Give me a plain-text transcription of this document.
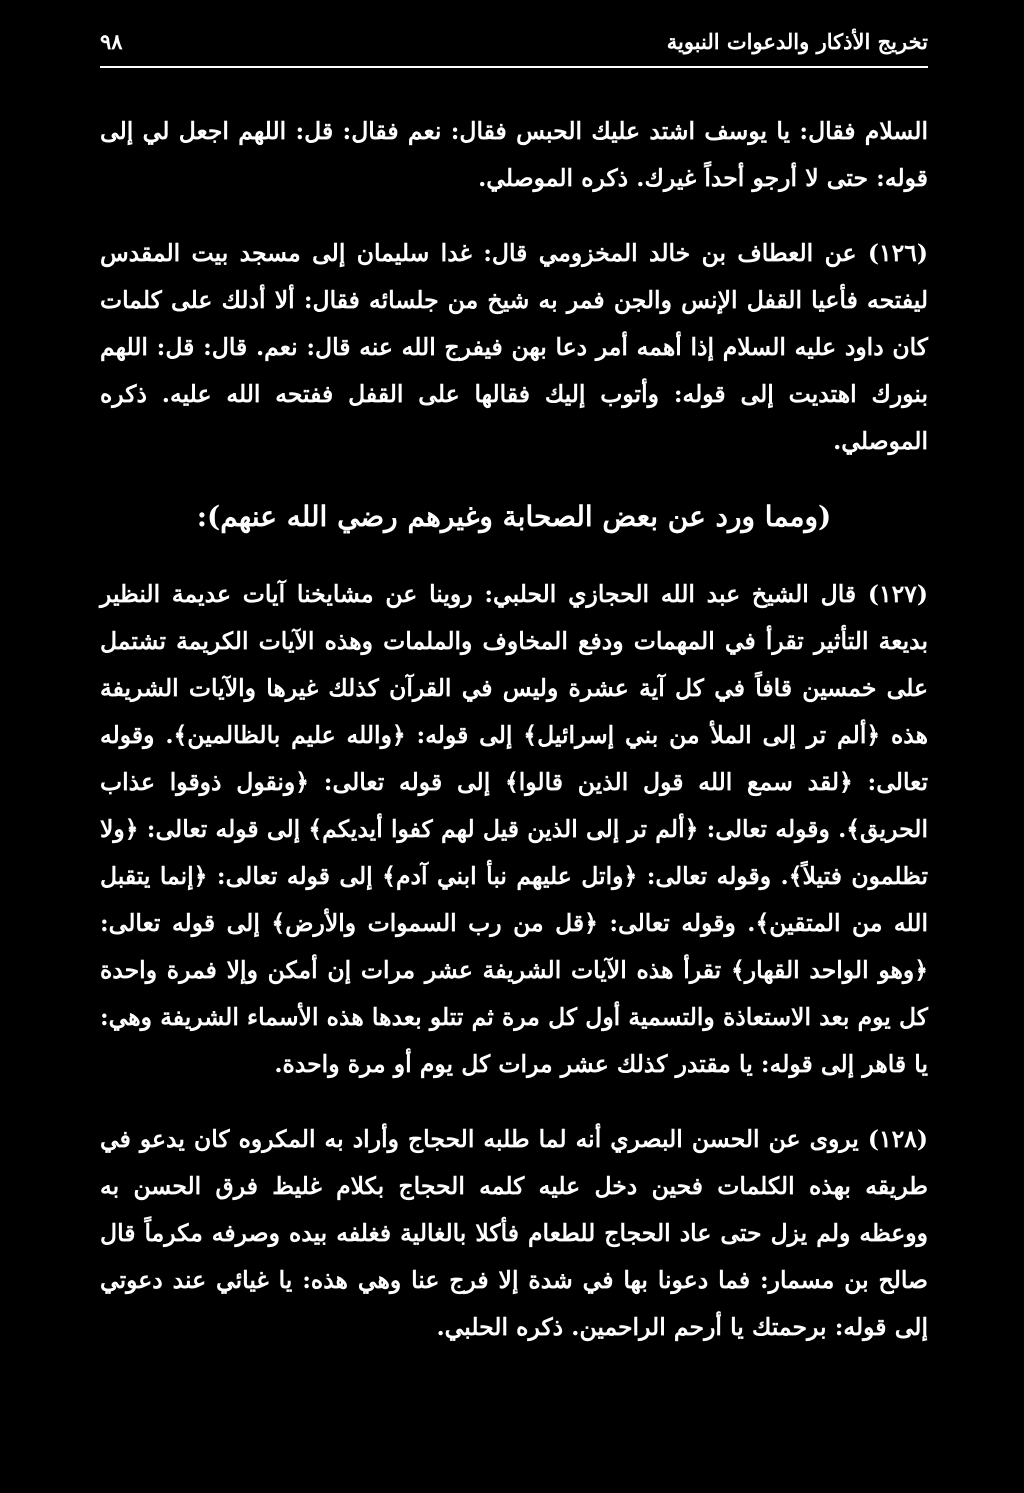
تخريج الأذكار والدعوات النبوية
٩٨

السلام فقال: يا يوسف اشتد عليك الحبس فقال: نعم فقال: قل: اللهم اجعل لي إلى قوله: حتى لا أرجو أحداً غيرك. ذكره الموصلي.

(١٢٦) عن العطاف بن خالد المخزومي قال: غدا سليمان إلى مسجد بيت المقدس ليفتحه فأعيا القفل الإنس والجن فمر به شيخ من جلسائه فقال: ألا أدلك على كلمات كان داود عليه السلام إذا أهمه أمر دعا بهن فيفرج الله عنه قال: نعم. قال: قل: اللهم بنورك اهتديت إلى قوله: وأتوب إليك فقالها على القفل ففتحه الله عليه. ذكره الموصلي.

(ومما ورد عن بعض الصحابة وغيرهم رضي الله عنهم):

(١٢٧) قال الشيخ عبد الله الحجازي الحلبي: روينا عن مشايخنا آيات عديمة النظير بديعة التأثير تقرأ في المهمات ودفع المخاوف والملمات وهذه الآيات الكريمة تشتمل على خمسين قافاً في كل آية عشرة وليس في القرآن كذلك غيرها والآيات الشريفة هذه ﴿ألم تر إلى الملأ من بني إسرائيل﴾ إلى قوله: ﴿والله عليم بالظالمين﴾. وقوله تعالى: ﴿لقد سمع الله قول الذين قالوا﴾ إلى قوله تعالى: ﴿ونقول ذوقوا عذاب الحريق﴾. وقوله تعالى: ﴿ألم تر إلى الذين قيل لهم كفوا أيديكم﴾ إلى قوله تعالى: ﴿ولا تظلمون فتيلاً﴾. وقوله تعالى: ﴿واتل عليهم نبأ ابني آدم﴾ إلى قوله تعالى: ﴿إنما يتقبل الله من المتقين﴾. وقوله تعالى: ﴿قل من رب السموات والأرض﴾ إلى قوله تعالى: ﴿وهو الواحد القهار﴾ تقرأ هذه الآيات الشريفة عشر مرات إن أمكن وإلا فمرة واحدة كل يوم بعد الاستعاذة والتسمية أول كل مرة ثم تتلو بعدها هذه الأسماء الشريفة وهي: يا قاهر إلى قوله: يا مقتدر كذلك عشر مرات كل يوم أو مرة واحدة.

(١٢٨) يروى عن الحسن البصري أنه لما طلبه الحجاج وأراد به المكروه كان يدعو في طريقه بهذه الكلمات فحين دخل عليه كلمه الحجاج بكلام غليظ فرق الحسن به ووعظه ولم يزل حتى عاد الحجاج للطعام فأكلا بالغالية فغلفه بيده وصرفه مكرماً قال صالح بن مسمار: فما دعونا بها في شدة إلا فرج عنا وهي هذه: يا غيائي عند دعوتي إلى قوله: برحمتك يا أرحم الراحمين. ذكره الحلبي.
